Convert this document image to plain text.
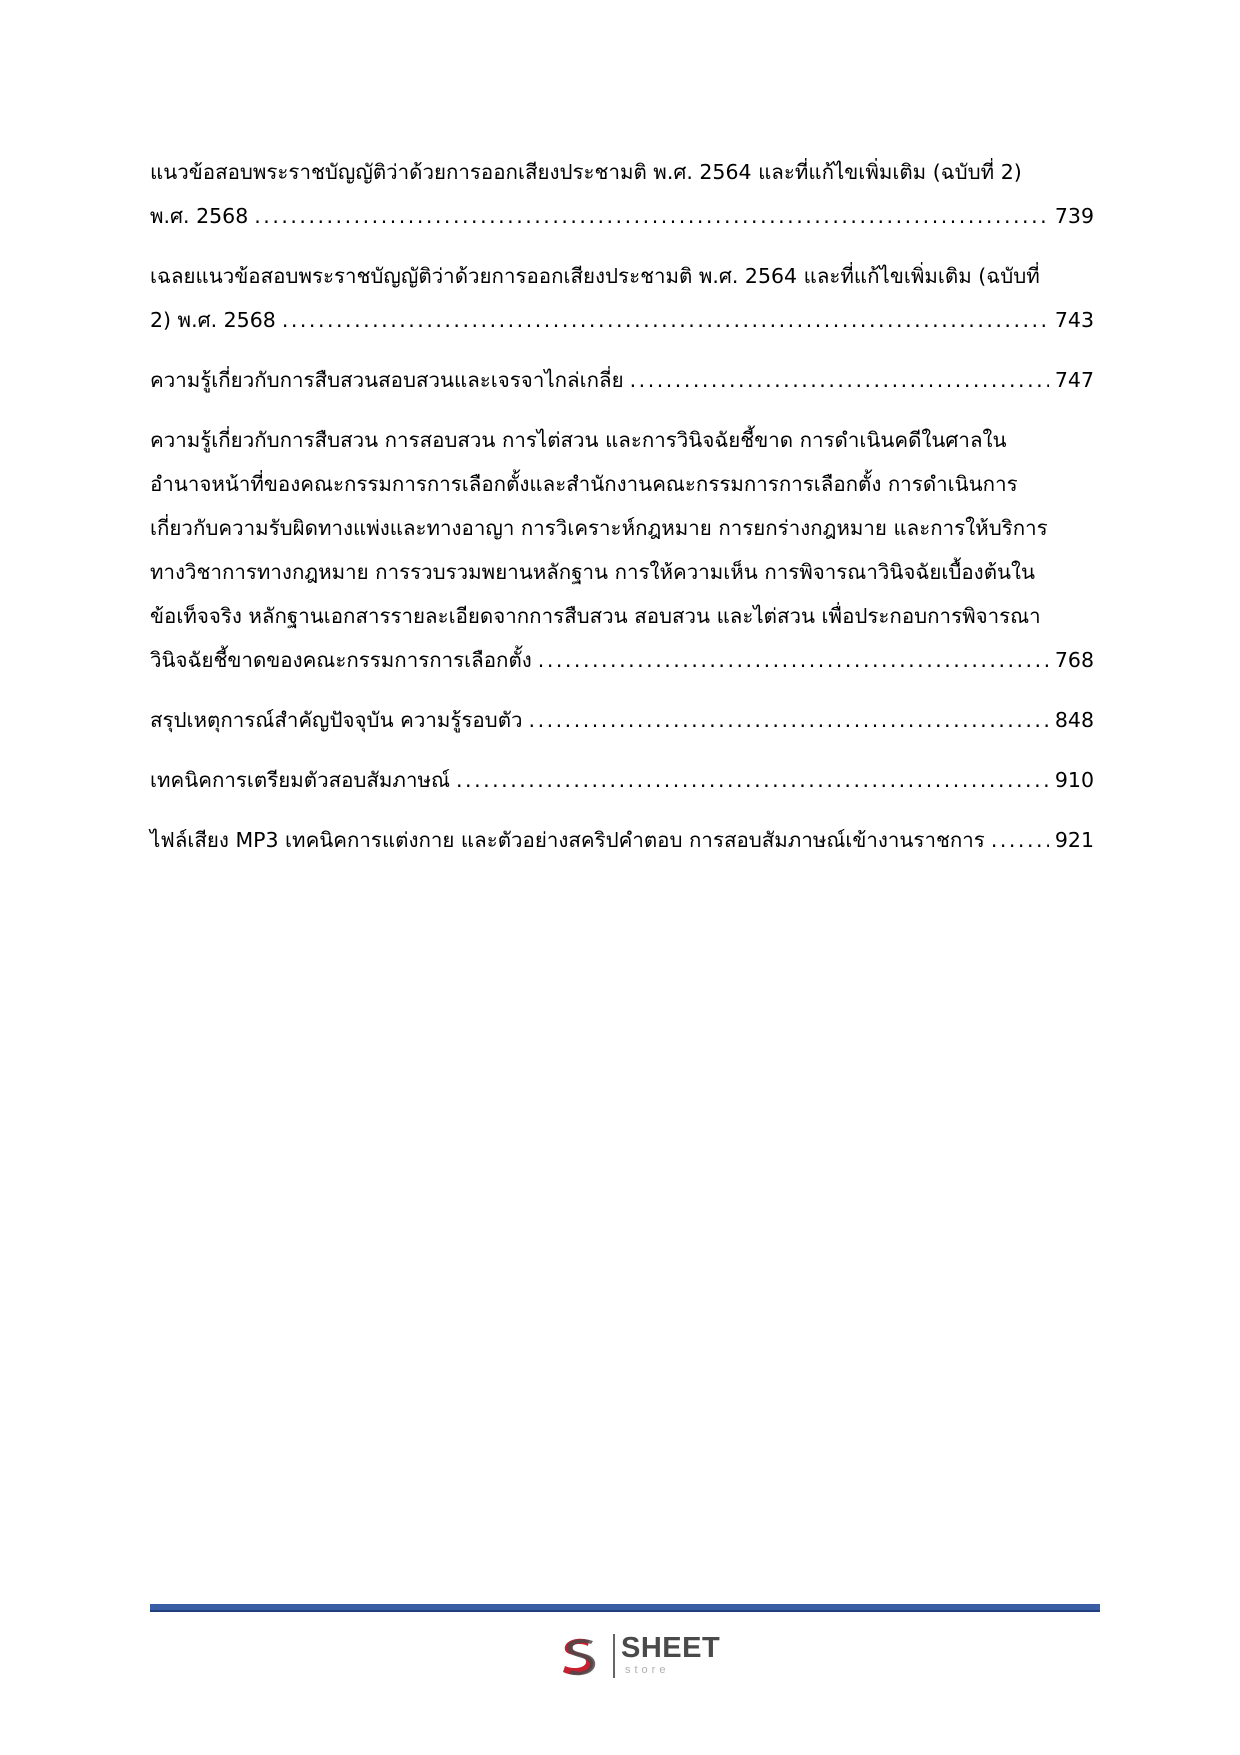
แนวข้อสอบพระราชบัญญัติว่าด้วยการออกเสียงประชามติ พ.ศ. 2564 และที่แก้ไขเพิ่มเติม (ฉบับที่ 2)
พ.ศ. 2568 . . .	739
เฉลยแนวข้อสอบพระราชบัญญัติว่าด้วยการออกเสียงประชามติ พ.ศ. 2564 และที่แก้ไขเพิ่มเติม (ฉบับที่
2) พ.ศ. 2568 . . .	743
ความรู้เกี่ยวกับการสืบสวนสอบสวนและเจรจาไกล่เกลี่ย . . .	747
ความรู้เกี่ยวกับการสืบสวน การสอบสวน การไต่สวน และการวินิจฉัยชี้ขาด การดำเนินคดีในศาลใน
อำนาจหน้าที่ของคณะกรรมการการเลือกตั้งและสำนักงานคณะกรรมการการเลือกตั้ง การดำเนินการ
เกี่ยวกับความรับผิดทางแพ่งและทางอาญา การวิเคราะห์กฎหมาย การยกร่างกฎหมาย และการให้บริการ
ทางวิชาการทางกฎหมาย การรวบรวมพยานหลักฐาน การให้ความเห็น การพิจารณาวินิจฉัยเบื้องต้นใน
ข้อเท็จจริง หลักฐานเอกสารรายละเอียดจากการสืบสวน สอบสวน และไต่สวน เพื่อประกอบการพิจารณา
วินิจฉัยชี้ขาดของคณะกรรมการการเลือกตั้ง . . .	768
สรุปเหตุการณ์สำคัญปัจจุบัน ความรู้รอบตัว . . .	848
เทคนิคการเตรียมตัวสอบสัมภาษณ์ . . .	910
ไฟล์เสียง MP3 เทคนิคการแต่งกาย และตัวอย่างสคริปคำตอบ การสอบสัมภาษณ์เข้างานราชการ . . .	921
SHEET
store
